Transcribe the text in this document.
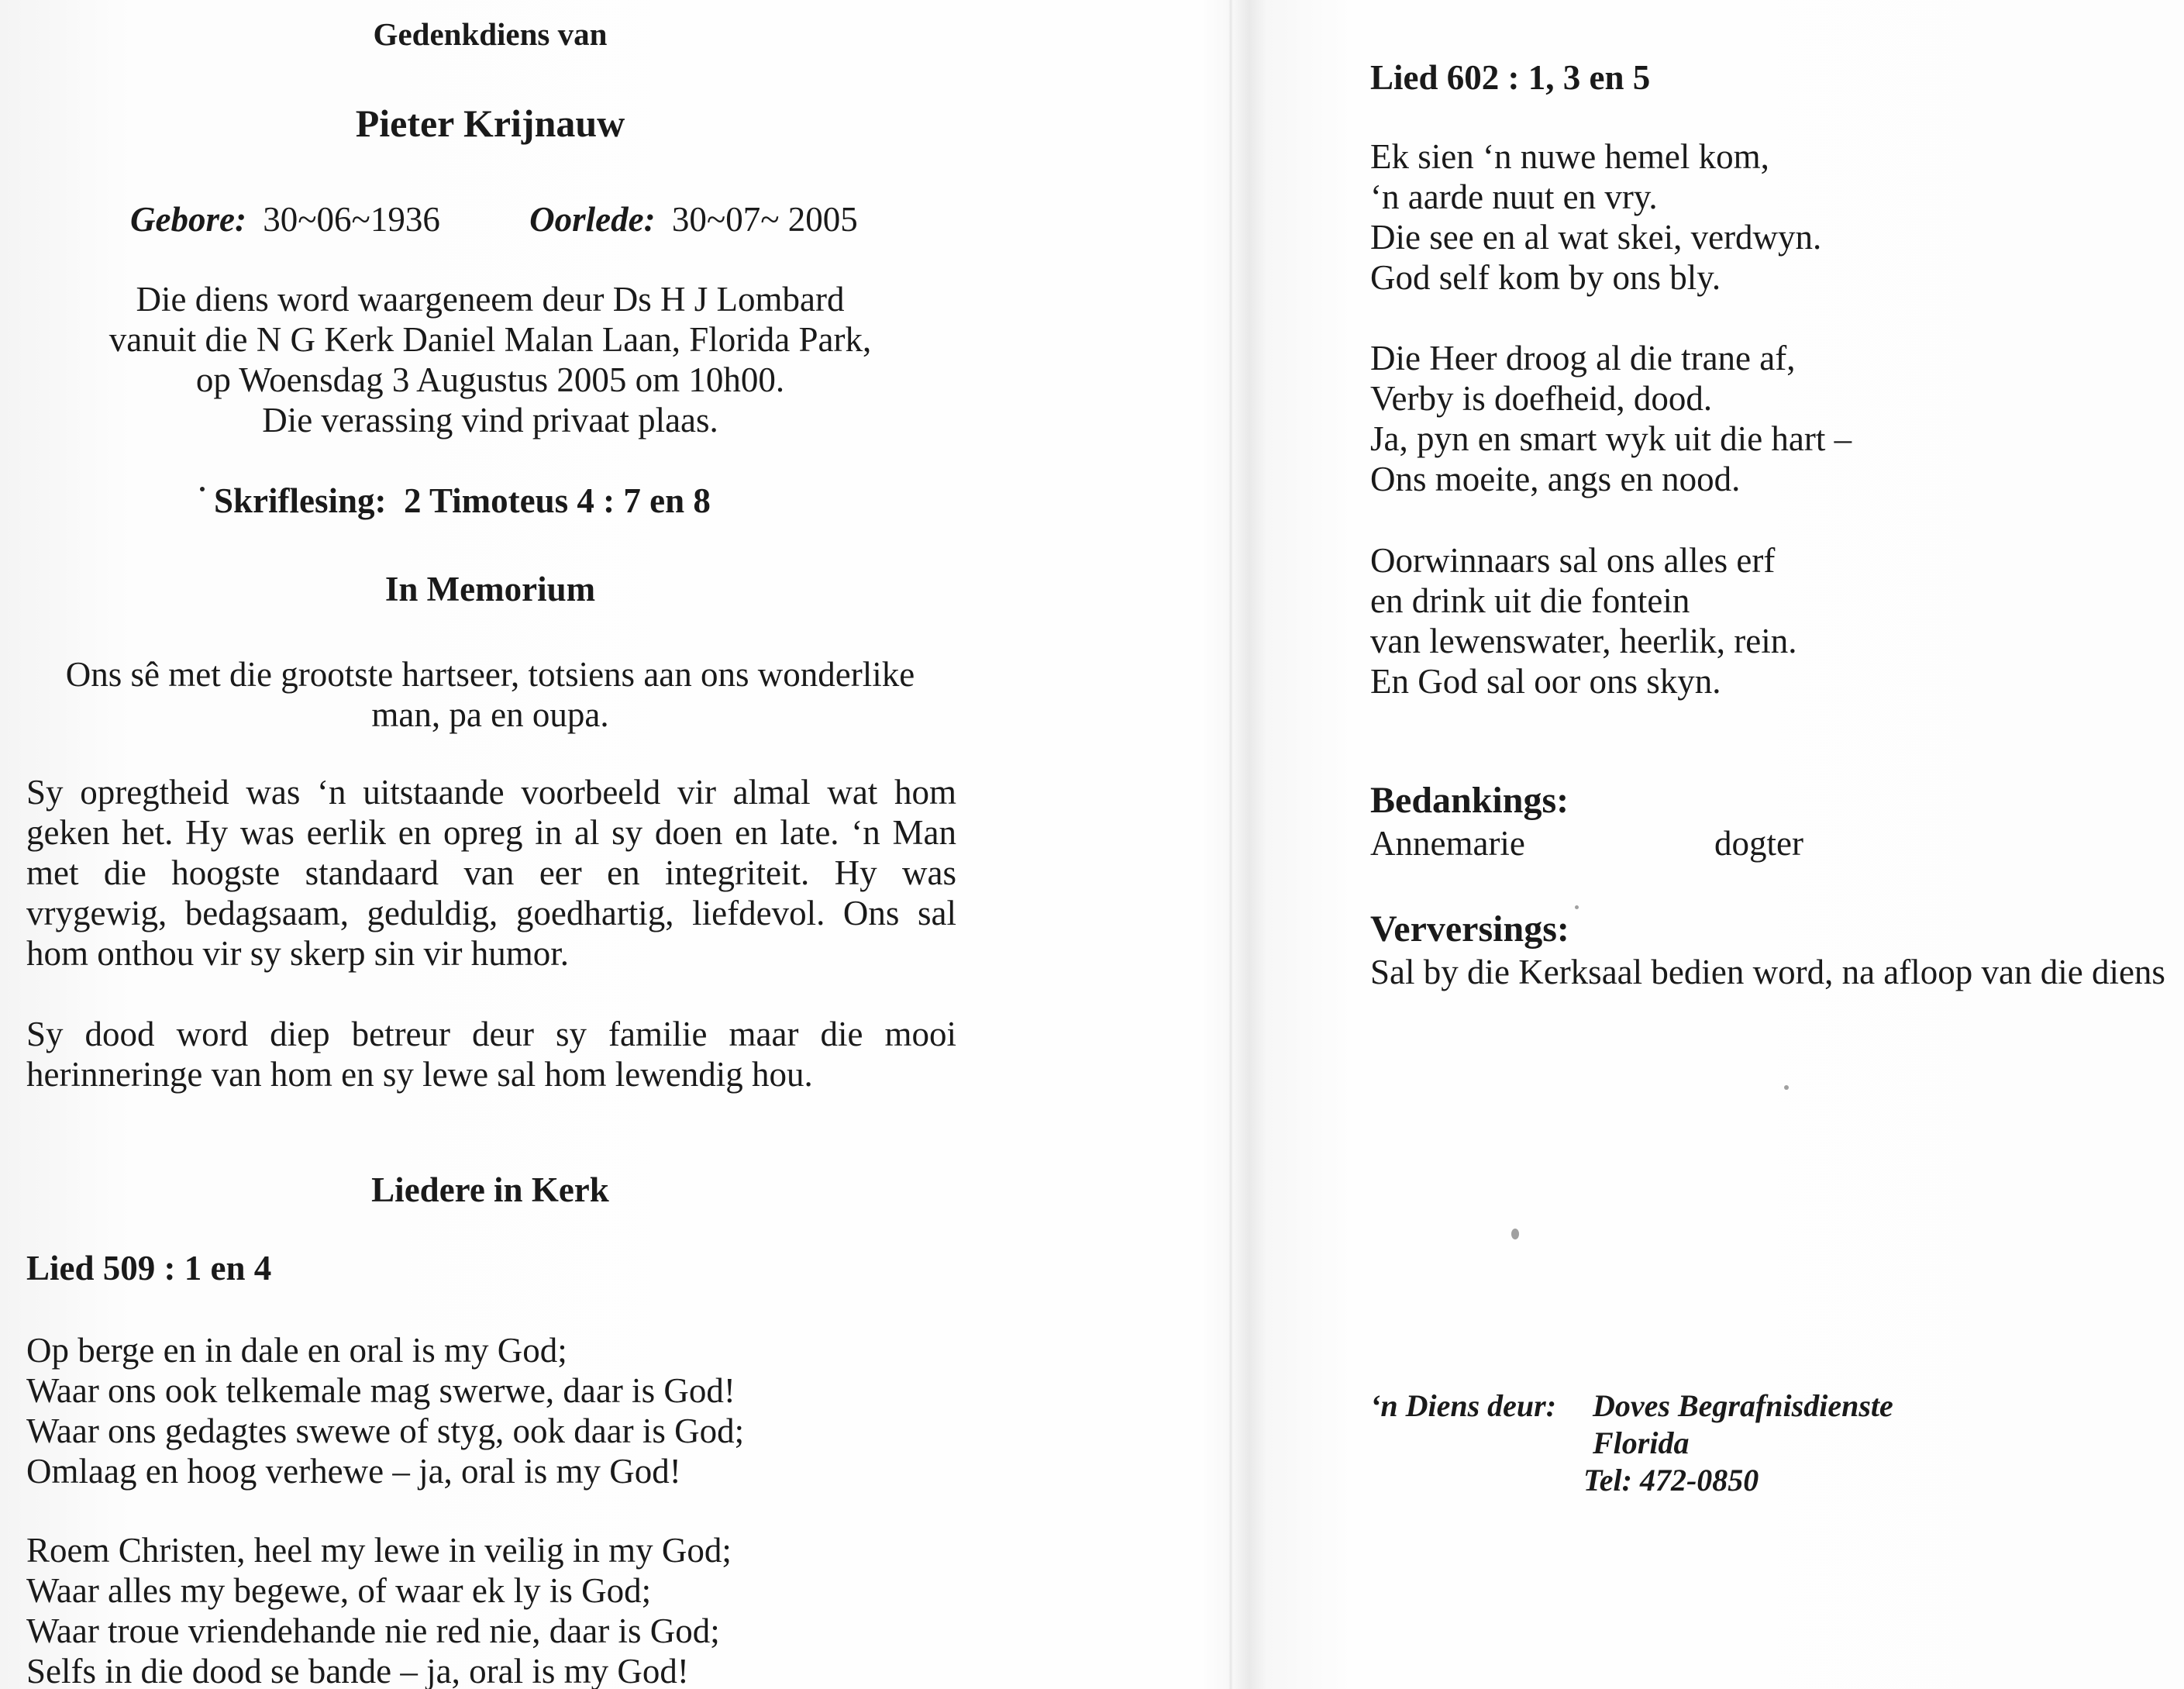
Gedenkdiens van
Pieter Krijnauw
Gebore: 30~06~1936	Oorlede: 30~07~ 2005
Die diens word waargeneem deur Ds H J Lombard
vanuit die N G Kerk Daniel Malan Laan, Florida Park,
op Woensdag 3 Augustus 2005 om 10h00.
Die verassing vind privaat plaas.
Skriflesing:  2 Timoteus 4 : 7 en 8
In Memorium
Ons sê met die grootste hartseer, totsiens aan ons wonderlike
man, pa en oupa.
Sy opregtheid was ‘n uitstaande voorbeeld vir almal wat hom geken het. Hy was eerlik en opreg in al sy doen en late. ‘n Man met die hoogste standaard van eer en integriteit. Hy was vrygewig, bedagsaam, geduldig, goedhartig, liefdevol. Ons sal hom onthou vir sy skerp sin vir humor.
Sy dood word diep betreur deur sy familie maar die mooi herinneringe van hom en sy lewe sal hom lewendig hou.
Liedere in Kerk
Lied 509 : 1 en 4
Op berge en in dale en oral is my God;
Waar ons ook telkemale mag swerwe, daar is God!
Waar ons gedagtes swewe of styg, ook daar is God;
Omlaag en hoog verhewe – ja, oral is my God!
Roem Christen, heel my lewe in veilig in my God;
Waar alles my begewe, of waar ek ly is God;
Waar troue vriendehande nie red nie, daar is God;
Selfs in die dood se bande – ja, oral is my God!
Lied 602 : 1, 3 en 5
Ek sien ‘n nuwe hemel kom,
‘n aarde nuut en vry.
Die see en al wat skei, verdwyn.
God self kom by ons bly.
Die Heer droog al die trane af,
Verby is doefheid, dood.
Ja, pyn en smart wyk uit die hart –
Ons moeite, angs en nood.
Oorwinnaars sal ons alles erf
en drink uit die fontein
van lewenswater, heerlik, rein.
En God sal oor ons skyn.
Bedankings:
Annemarie	dogter
Verversings:
Sal by die Kerksaal bedien word, na afloop van die diens
‘n Diens deur: Doves Begrafnisdienste
Florida
Tel: 472-0850
